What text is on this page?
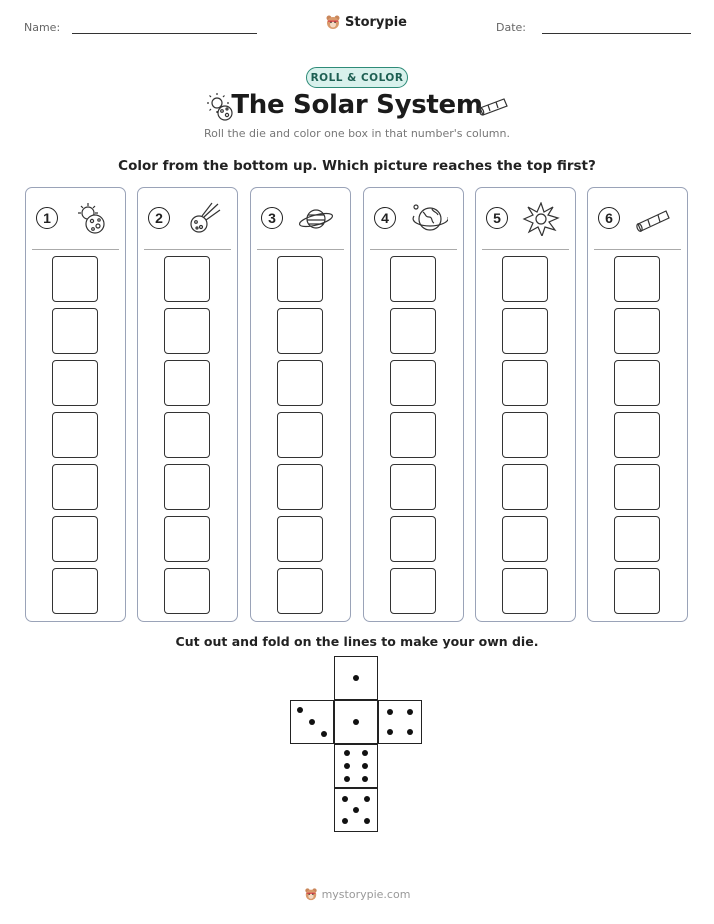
Name:	Storypie	Date:
ROLL & COLOR
The Solar System
Roll the die and color one box in that number's column.
Color from the bottom up. Which picture reaches the top first?
1	2	3	4	5	6
Cut out and fold on the lines to make your own die.
mystorypie.com
